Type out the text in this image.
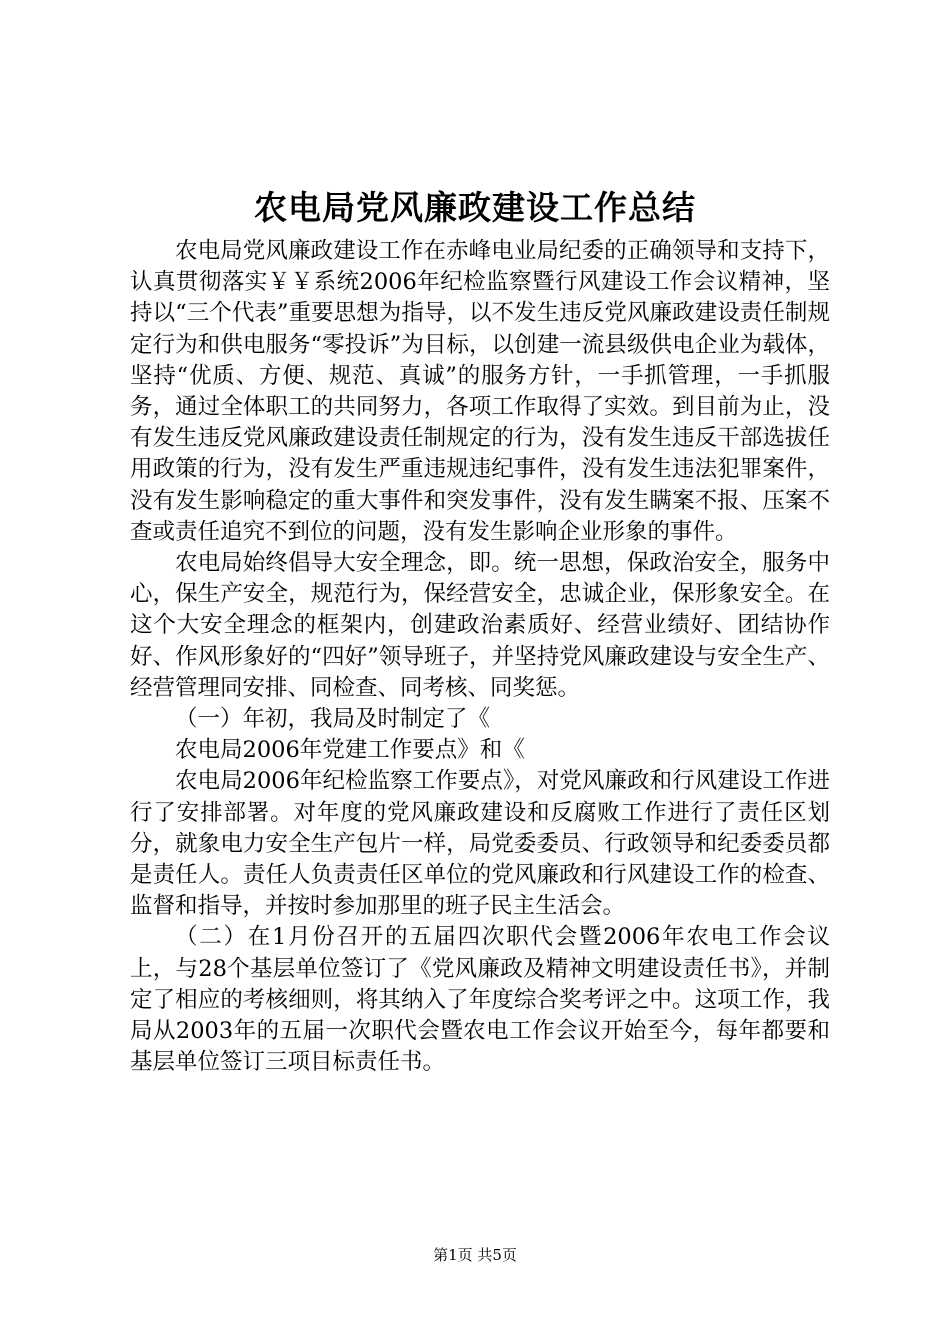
农电局党风廉政建设工作总结

农电局党风廉政建设工作在赤峰电业局纪委的正确领导和支持下，认真贯彻落实￥￥系统2006年纪检监察暨行风建设工作会议精神，坚持以“三个代表”重要思想为指导，以不发生违反党风廉政建设责任制规定行为和供电服务“零投诉”为目标，以创建一流县级供电企业为载体，坚持“优质、方便、规范、真诚”的服务方针，一手抓管理，一手抓服务，通过全体职工的共同努力，各项工作取得了实效。到目前为止，没有发生违反党风廉政建设责任制规定的行为，没有发生违反干部选拔任用政策的行为，没有发生严重违规违纪事件，没有发生违法犯罪案件，没有发生影响稳定的重大事件和突发事件，没有发生瞒案不报、压案不查或责任追究不到位的问题，没有发生影响企业形象的事件。

农电局始终倡导大安全理念，即。统一思想，保政治安全，服务中心，保生产安全，规范行为，保经营安全，忠诚企业，保形象安全。在这个大安全理念的框架内，创建政治素质好、经营业绩好、团结协作好、作风形象好的“四好”领导班子，并坚持党风廉政建设与安全生产、经营管理同安排、同检查、同考核、同奖惩。

（一）年初，我局及时制定了《

农电局2006年党建工作要点》和《

农电局2006年纪检监察工作要点》，对党风廉政和行风建设工作进行了安排部署。对年度的党风廉政建设和反腐败工作进行了责任区划分，就象电力安全生产包片一样，局党委委员、行政领导和纪委委员都是责任人。责任人负责责任区单位的党风廉政和行风建设工作的检查、监督和指导，并按时参加那里的班子民主生活会。

（二）在1月份召开的五届四次职代会暨2006年农电工作会议上，与28个基层单位签订了《党风廉政及精神文明建设责任书》，并制定了相应的考核细则，将其纳入了年度综合奖考评之中。这项工作，我局从2003年的五届一次职代会暨农电工作会议开始至今，每年都要和基层单位签订三项目标责任书。

第1页 共5页
